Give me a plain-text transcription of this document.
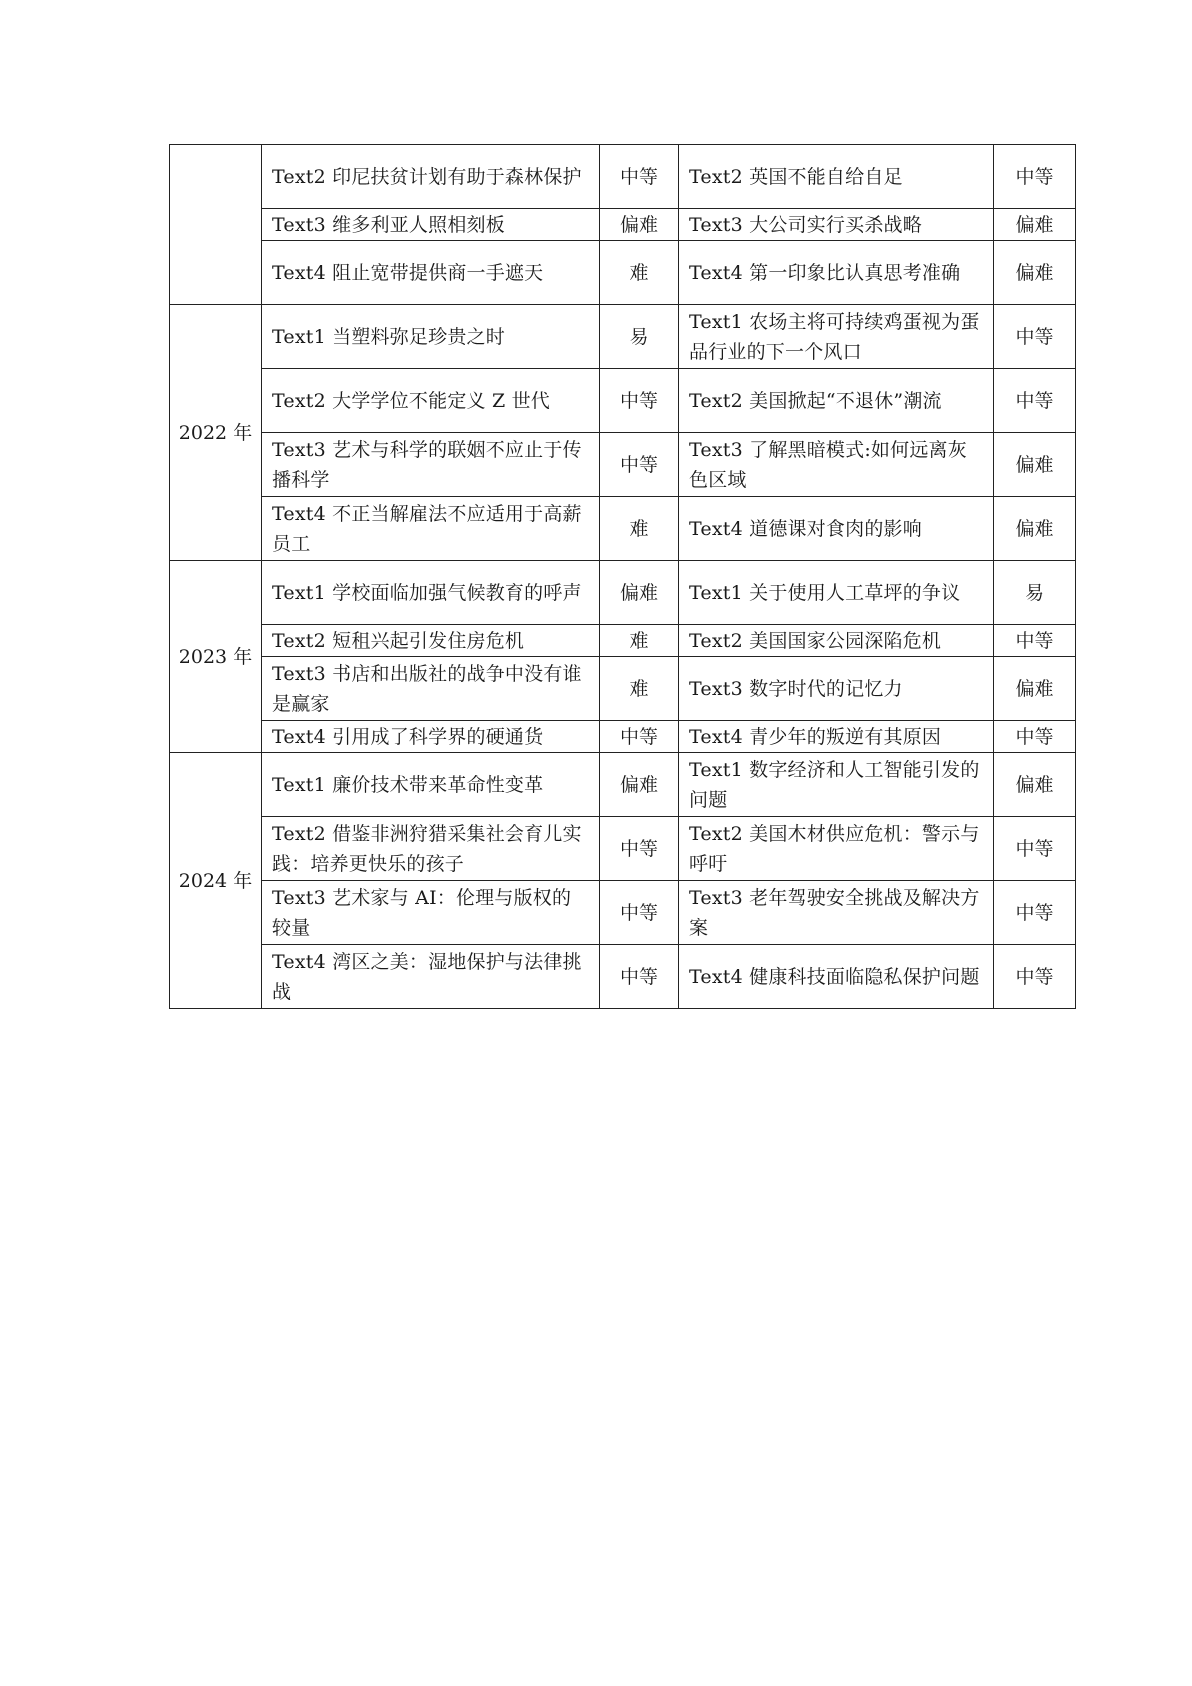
	Text2 印尼扶贫计划有助于森林保护	中等	Text2 英国不能自给自足	中等
	Text3 维多利亚人照相刻板	偏难	Text3 大公司实行买杀战略	偏难
	Text4 阻止宽带提供商一手遮天	难	Text4 第一印象比认真思考准确	偏难
2022 年	Text1 当塑料弥足珍贵之时	易	Text1 农场主将可持续鸡蛋视为蛋品行业的下一个风口	中等
	Text2 大学学位不能定义 Z 世代	中等	Text2 美国掀起“不退休”潮流	中等
	Text3 艺术与科学的联姻不应止于传播科学	中等	Text3 了解黑暗模式:如何远离灰色区域	偏难
	Text4 不正当解雇法不应适用于高薪员工	难	Text4 道德课对食肉的影响	偏难
2023 年	Text1 学校面临加强气候教育的呼声	偏难	Text1 关于使用人工草坪的争议	易
	Text2 短租兴起引发住房危机	难	Text2 美国国家公园深陷危机	中等
	Text3 书店和出版社的战争中没有谁是赢家	难	Text3 数字时代的记忆力	偏难
	Text4 引用成了科学界的硬通货	中等	Text4 青少年的叛逆有其原因	中等
2024 年	Text1 廉价技术带来革命性变革	偏难	Text1 数字经济和人工智能引发的问题	偏难
	Text2 借鉴非洲狩猎采集社会育儿实践：培养更快乐的孩子	中等	Text2 美国木材供应危机：警示与呼吁	中等
	Text3 艺术家与 AI：伦理与版权的较量	中等	Text3 老年驾驶安全挑战及解决方案	中等
	Text4 湾区之美：湿地保护与法律挑战	中等	Text4 健康科技面临隐私保护问题	中等
